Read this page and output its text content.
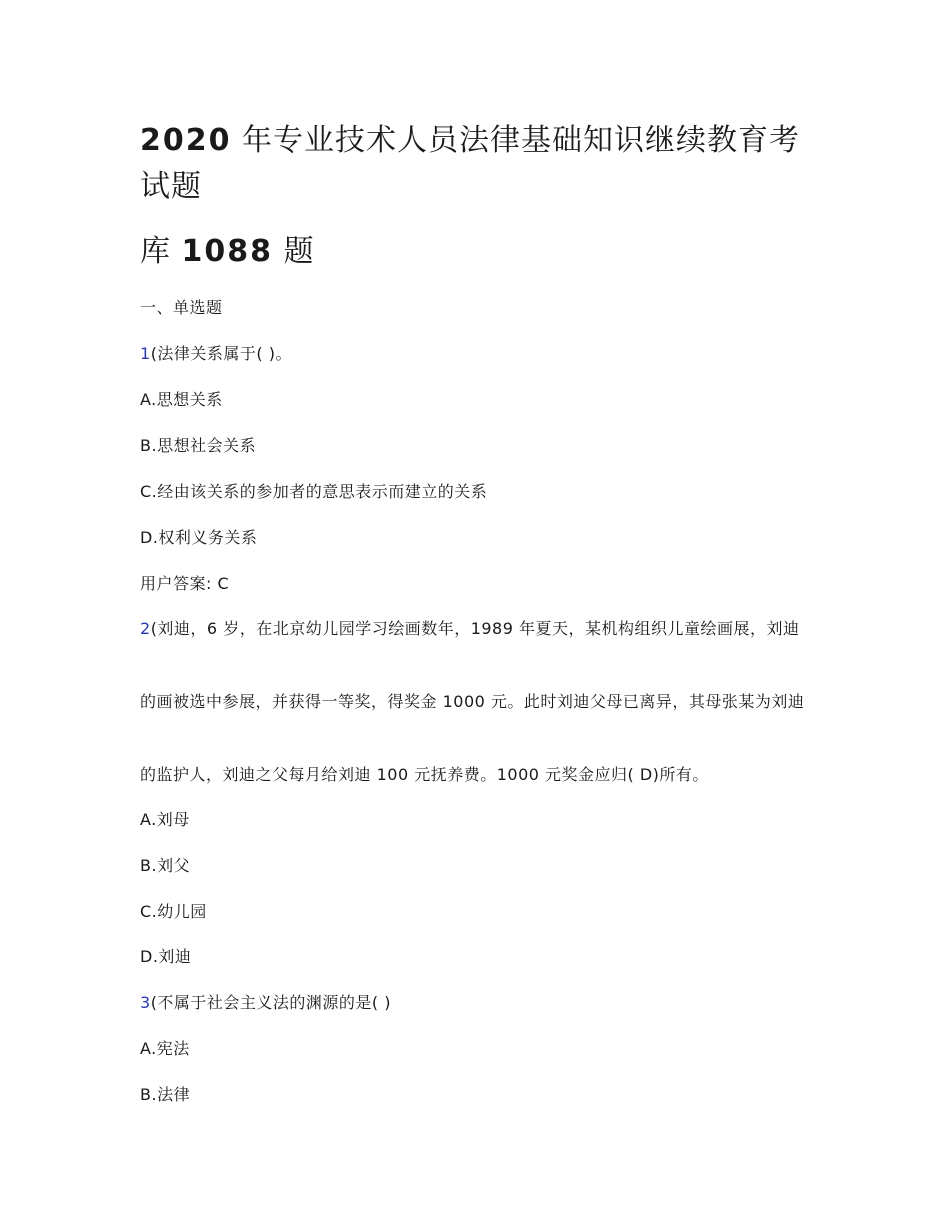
2020 年专业技术人员法律基础知识继续教育考
试题
库 1088 题
一、单选题
1(法律关系属于( )。
A.思想关系
B.思想社会关系
C.经由该关系的参加者的意思表示而建立的关系
D.权利义务关系
用户答案: C
2(刘迪，6 岁，在北京幼儿园学习绘画数年，1989 年夏天，某机构组织儿童绘画展，刘迪
的画被选中参展，并获得一等奖，得奖金 1000 元。此时刘迪父母已离异，其母张某为刘迪
的监护人，刘迪之父每月给刘迪 100 元抚养费。1000 元奖金应归( D)所有。
A.刘母
B.刘父
C.幼儿园
D.刘迪
3(不属于社会主义法的渊源的是( )
A.宪法
B.法律
